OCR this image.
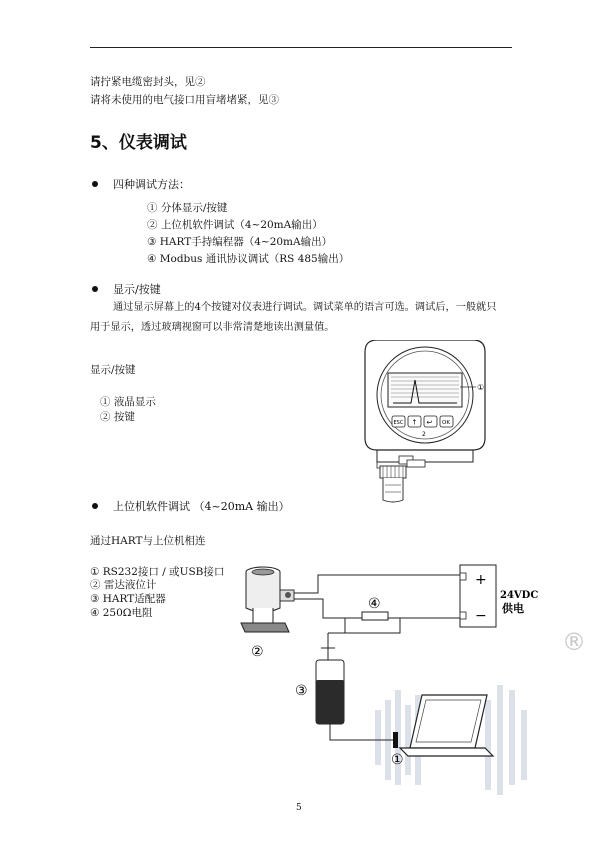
请拧紧电缆密封头，见②
请将未使用的电气接口用盲堵堵紧，见③
5、仪表调试
四种调试方法：
① 分体显示/按键
② 上位机软件调试（4~20mA输出）
③ HART手持编程器（4~20mA输出）
④ Modbus 通讯协议调试（RS 485输出）
显示/按键
通过显示屏幕上的4个按键对仪表进行调试。调试菜单的语言可选。调试后，一般就只
用于显示，透过玻璃视窗可以非常清楚地读出测量值。
显示/按键
① 液晶显示
② 按键
①
ESC ↑ ↩ OK
2
上位机软件调试 （4~20mA 输出）
通过HART与上位机相连
① RS232接口 / 或USB接口
② 雷达液位计
③ HART适配器
④ 250Ω电阻
®
②
④
+
−
24VDC
供电
③
①
5
